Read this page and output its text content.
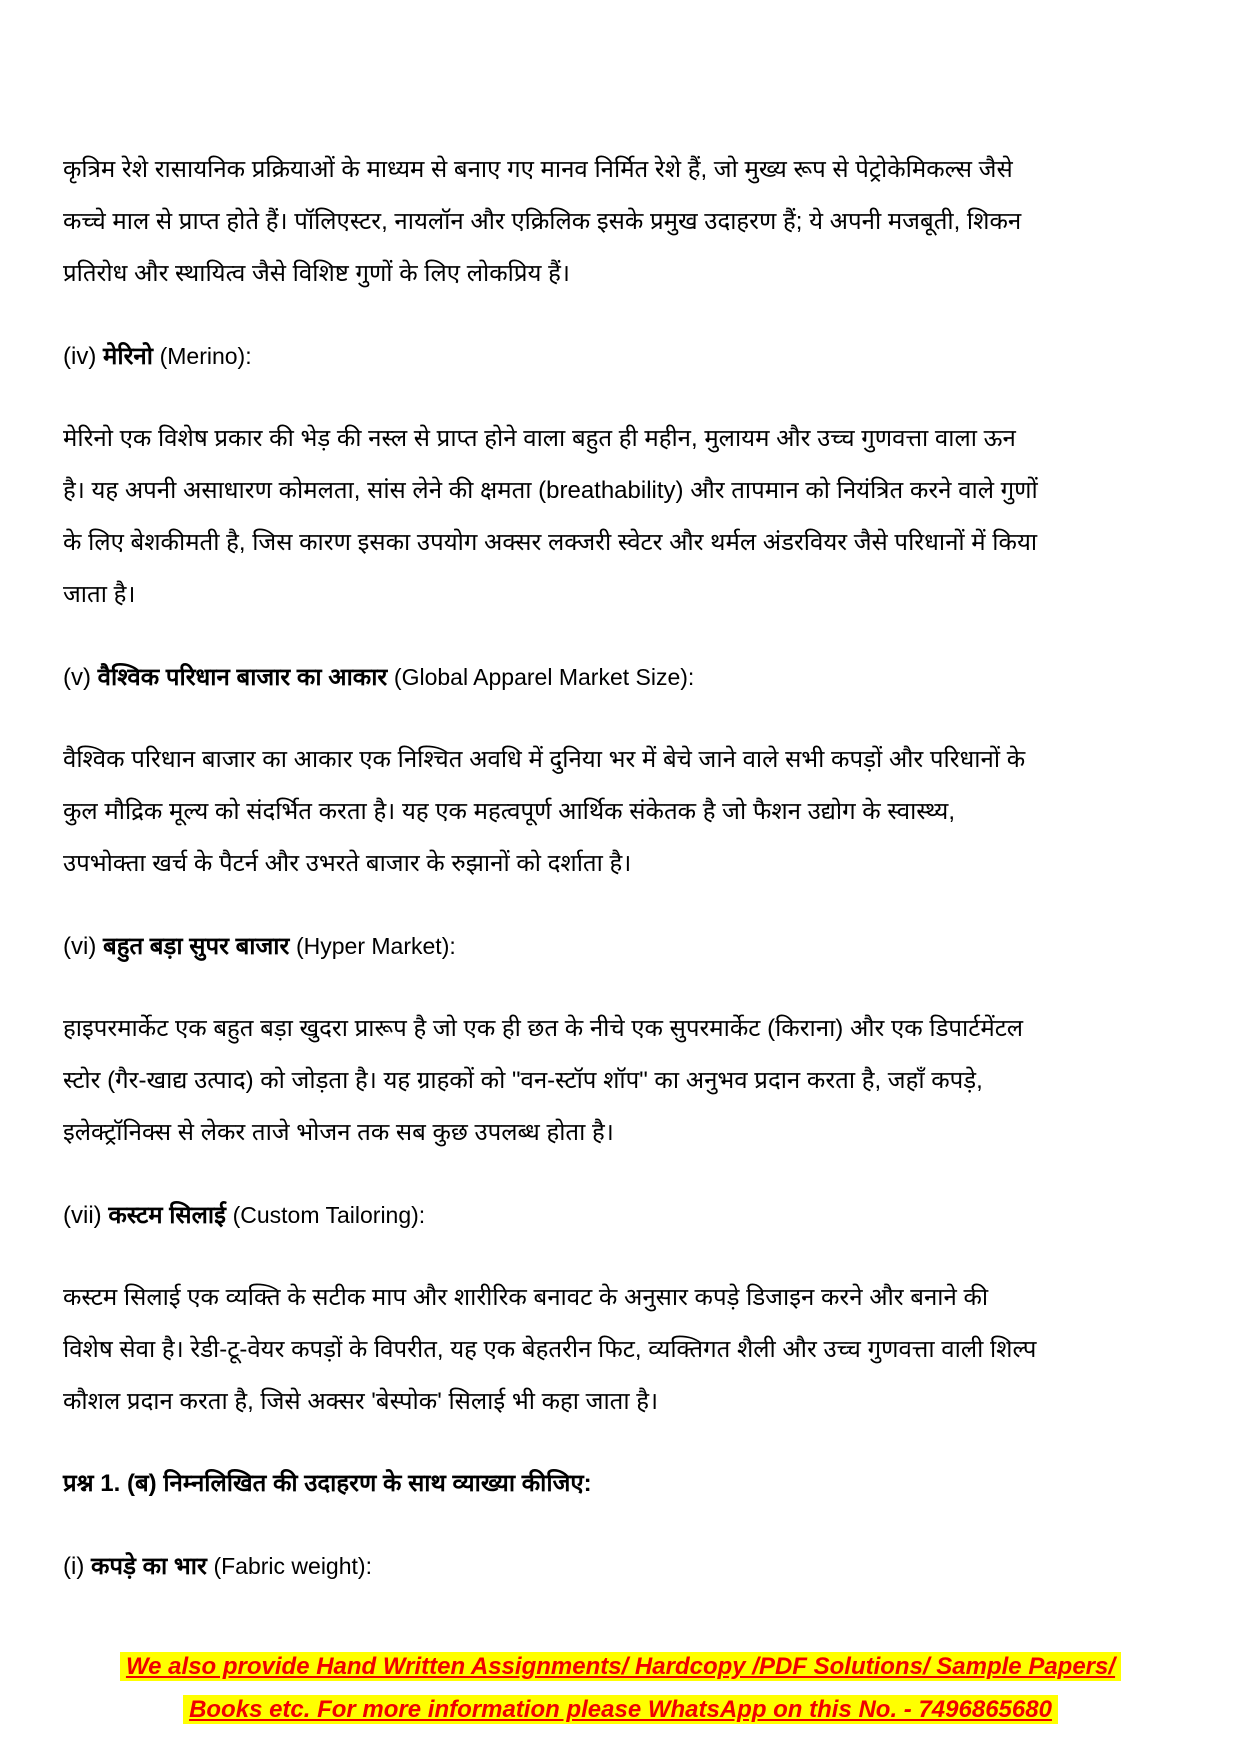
कृत्रिम रेशे रासायनिक प्रक्रियाओं के माध्यम से बनाए गए मानव निर्मित रेशे हैं, जो मुख्य रूप से पेट्रोकेमिकल्स जैसे कच्चे माल से प्राप्त होते हैं। पॉलिएस्टर, नायलॉन और एक्रिलिक इसके प्रमुख उदाहरण हैं; ये अपनी मजबूती, शिकन प्रतिरोध और स्थायित्व जैसे विशिष्ट गुणों के लिए लोकप्रिय हैं।

(iv) मेरिनो (Merino):

मेरिनो एक विशेष प्रकार की भेड़ की नस्ल से प्राप्त होने वाला बहुत ही महीन, मुलायम और उच्च गुणवत्ता वाला ऊन है। यह अपनी असाधारण कोमलता, सांस लेने की क्षमता (breathability) और तापमान को नियंत्रित करने वाले गुणों के लिए बेशकीमती है, जिस कारण इसका उपयोग अक्सर लक्जरी स्वेटर और थर्मल अंडरवियर जैसे परिधानों में किया जाता है।

(v) वैश्विक परिधान बाजार का आकार (Global Apparel Market Size):

वैश्विक परिधान बाजार का आकार एक निश्चित अवधि में दुनिया भर में बेचे जाने वाले सभी कपड़ों और परिधानों के कुल मौद्रिक मूल्य को संदर्भित करता है। यह एक महत्वपूर्ण आर्थिक संकेतक है जो फैशन उद्योग के स्वास्थ्य, उपभोक्ता खर्च के पैटर्न और उभरते बाजार के रुझानों को दर्शाता है।

(vi) बहुत बड़ा सुपर बाजार (Hyper Market):

हाइपरमार्केट एक बहुत बड़ा खुदरा प्रारूप है जो एक ही छत के नीचे एक सुपरमार्केट (किराना) और एक डिपार्टमेंटल स्टोर (गैर-खाद्य उत्पाद) को जोड़ता है। यह ग्राहकों को "वन-स्टॉप शॉप" का अनुभव प्रदान करता है, जहाँ कपड़े, इलेक्ट्रॉनिक्स से लेकर ताजे भोजन तक सब कुछ उपलब्ध होता है।

(vii) कस्टम सिलाई (Custom Tailoring):

कस्टम सिलाई एक व्यक्ति के सटीक माप और शारीरिक बनावट के अनुसार कपड़े डिजाइन करने और बनाने की विशेष सेवा है। रेडी-टू-वेयर कपड़ों के विपरीत, यह एक बेहतरीन फिट, व्यक्तिगत शैली और उच्च गुणवत्ता वाली शिल्प कौशल प्रदान करता है, जिसे अक्सर 'बेस्पोक' सिलाई भी कहा जाता है।

प्रश्न 1. (ब) निम्नलिखित की उदाहरण के साथ व्याख्या कीजिए:

(i) कपड़े का भार (Fabric weight):

We also provide Hand Written Assignments/ Hardcopy /PDF Solutions/ Sample Papers/
Books etc. For more information please WhatsApp on this No. - 7496865680
